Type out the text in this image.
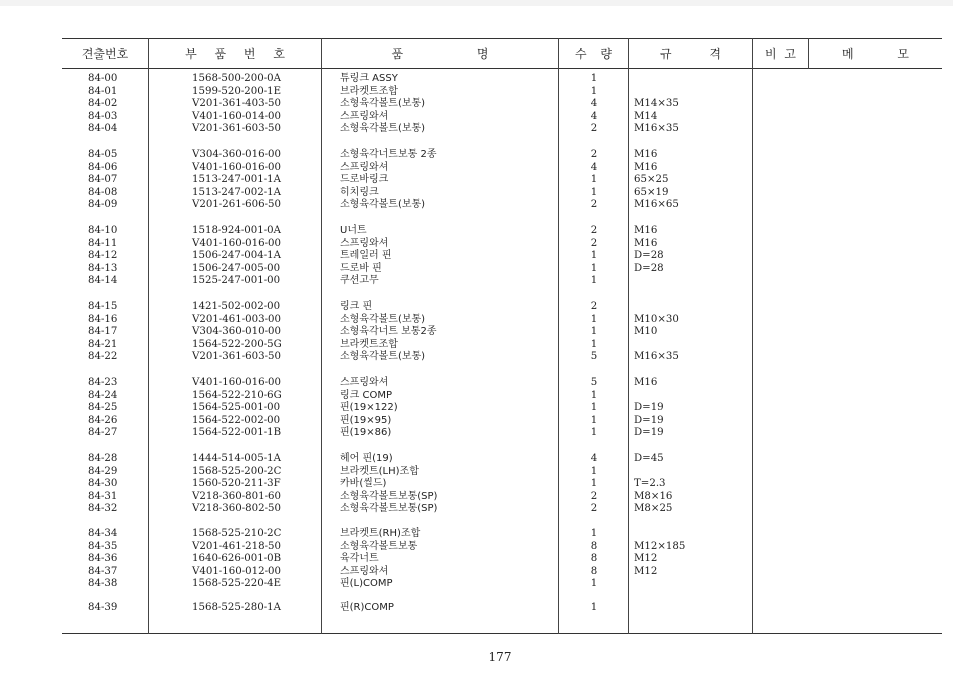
견출번호	부 품 번 호	품 명	수 량	규 격	비 고	메 모
84-00	1568-500-200-0A	튜링크 ASSY	1
84-01	1599-520-200-1E	브라켓트조합	1
84-02	V201-361-403-50	소형육각볼트(보통)	4	M14×35
84-03	V401-160-014-00	스프링와셔	4	M14
84-04	V201-361-603-50	소형육각볼트(보통)	2	M16×35
84-05	V304-360-016-00	소형육각너트보통 2종	2	M16
84-06	V401-160-016-00	스프링와셔	4	M16
84-07	1513-247-001-1A	드로바링크	1	65×25
84-08	1513-247-002-1A	히치링크	1	65×19
84-09	V201-261-606-50	소형육각볼트(보통)	2	M16×65
84-10	1518-924-001-0A	U너트	2	M16
84-11	V401-160-016-00	스프링와셔	2	M16
84-12	1506-247-004-1A	트레일러 핀	1	D=28
84-13	1506-247-005-00	드로바 핀	1	D=28
84-14	1525-247-001-00	쿠션고무	1
84-15	1421-502-002-00	링크 핀	2
84-16	V201-461-003-00	소형육각볼트(보통)	1	M10×30
84-17	V304-360-010-00	소형육각너트 보통2종	1	M10
84-21	1564-522-200-5G	브라켓트조합	1
84-22	V201-361-603-50	소형육각볼트(보통)	5	M16×35
84-23	V401-160-016-00	스프링와셔	5	M16
84-24	1564-522-210-6G	링크 COMP	1
84-25	1564-525-001-00	핀(19×122)	1	D=19
84-26	1564-522-002-00	핀(19×95)	1	D=19
84-27	1564-522-001-1B	핀(19×86)	1	D=19
84-28	1444-514-005-1A	헤어 핀(19)	4	D=45
84-29	1568-525-200-2C	브라켓트(LH)조합	1
84-30	1560-520-211-3F	카바(씰드)	1	T=2.3
84-31	V218-360-801-60	소형육각볼트보통(SP)	2	M8×16
84-32	V218-360-802-50	소형육각볼트보통(SP)	2	M8×25
84-34	1568-525-210-2C	브라켓트(RH)조합	1
84-35	V201-461-218-50	소형육각볼트보통	8	M12×185
84-36	1640-626-001-0B	육각너트	8	M12
84-37	V401-160-012-00	스프링와셔	8	M12
84-38	1568-525-220-4E	핀(L)COMP	1
84-39	1568-525-280-1A	핀(R)COMP	1
177
